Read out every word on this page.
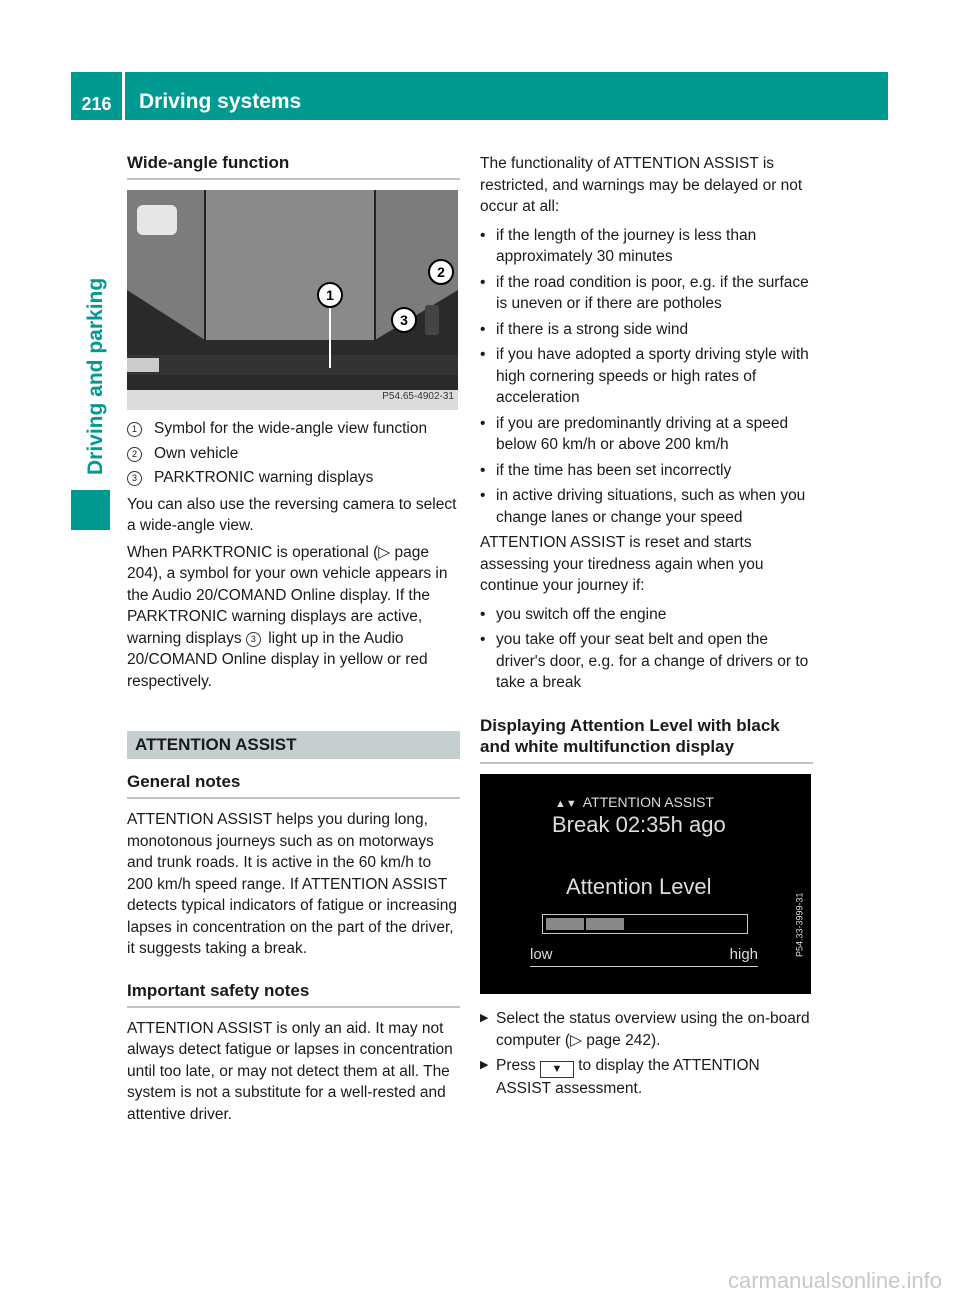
216	Driving systems
Driving and parking
Wide-angle function
1
2
3
P54.65-4902-31
1 Symbol for the wide-angle view function
2 Own vehicle
3 PARKTRONIC warning displays

You can also use the reversing camera to select a wide-angle view.

When PARKTRONIC is operational (▷ page 204), a symbol for your own vehicle appears in the Audio 20/COMAND Online display. If the PARKTRONIC warning displays are active, warning displays 3 light up in the Audio 20/COMAND Online display in yellow or red respectively.

ATTENTION ASSIST
General notes

ATTENTION ASSIST helps you during long, monotonous journeys such as on motorways and trunk roads. It is active in the 60 km/h to 200 km/h speed range. If ATTENTION ASSIST detects typical indicators of fatigue or increasing lapses in concentration on the part of the driver, it suggests taking a break.

Important safety notes

ATTENTION ASSIST is only an aid. It may not always detect fatigue or lapses in concentration until too late, or may not detect them at all. The system is not a substitute for a well-rested and attentive driver.

The functionality of ATTENTION ASSIST is restricted, and warnings may be delayed or not occur at all:

• if the length of the journey is less than approximately 30 minutes
• if the road condition is poor, e.g. if the surface is uneven or if there are potholes
• if there is a strong side wind
• if you have adopted a sporty driving style with high cornering speeds or high rates of acceleration
• if you are predominantly driving at a speed below 60 km/h or above 200 km/h
• if the time has been set incorrectly
• in active driving situations, such as when you change lanes or change your speed

ATTENTION ASSIST is reset and starts assessing your tiredness again when you continue your journey if:

• you switch off the engine
• you take off your seat belt and open the driver's door, e.g. for a change of drivers or to take a break
Displaying Attention Level with black and white multifunction display
▲▼ ATTENTION ASSIST
Break 02:35h ago
Attention Level
low	high	P54.33-3999-31
▶ Select the status overview using the on-board computer (▷ page 242).
▶ Press ▼ to display the ATTENTION ASSIST assessment.
carmanualsonline.info
